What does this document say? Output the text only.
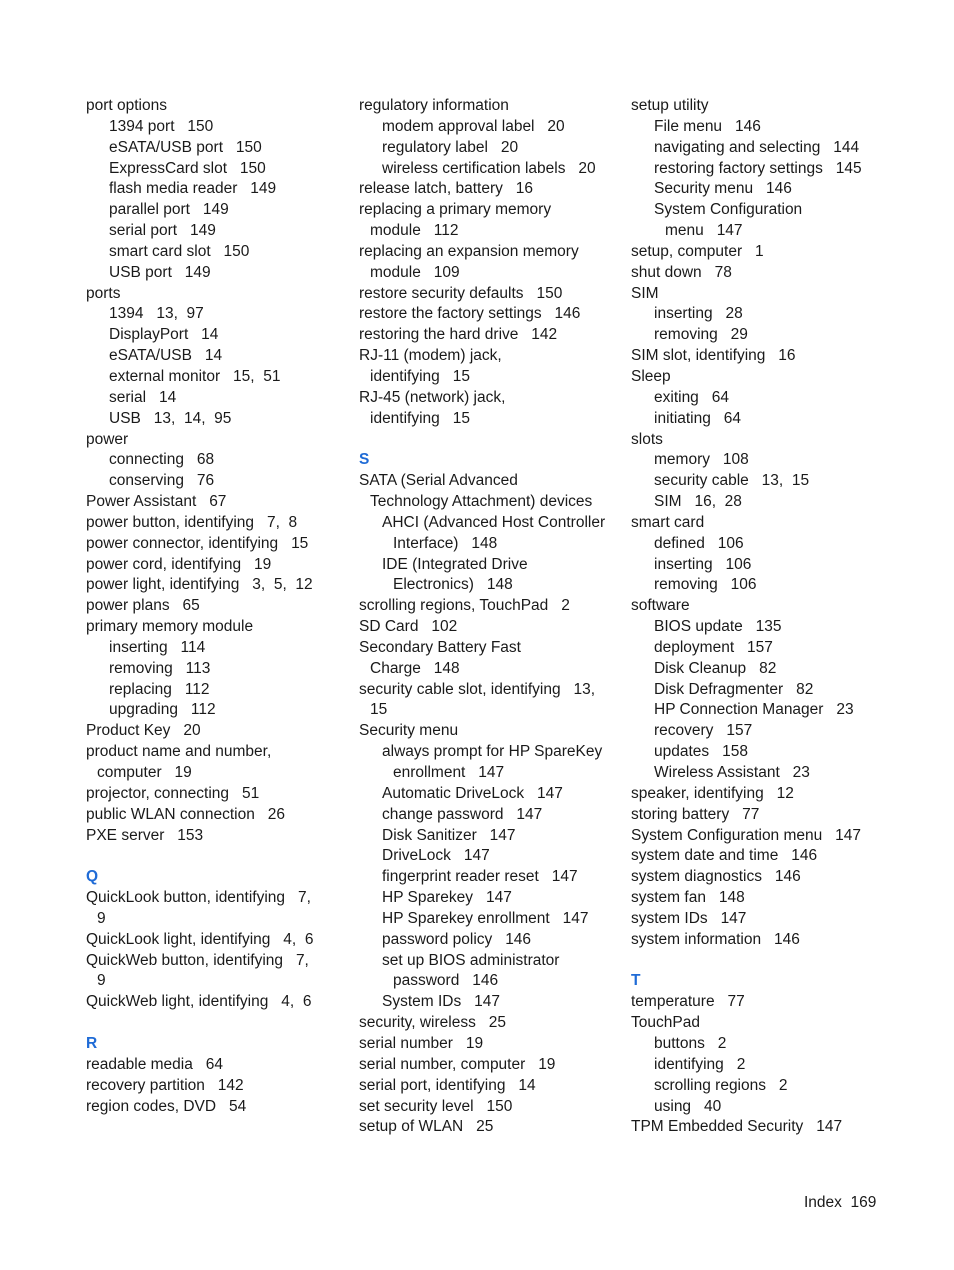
port options
1394 port   150
eSATA/USB port   150
ExpressCard slot   150
flash media reader   149
parallel port   149
serial port   149
smart card slot   150
USB port   149
ports
1394   13,  97
DisplayPort   14
eSATA/USB   14
external monitor   15,  51
serial   14
USB   13,  14,  95
power
connecting   68
conserving   76
Power Assistant   67
power button, identifying   7,  8
power connector, identifying   15
power cord, identifying   19
power light, identifying   3,  5,  12
power plans   65
primary memory module
inserting   114
removing   113
replacing   112
upgrading   112
Product Key   20
product name and number,
computer   19
projector, connecting   51
public WLAN connection   26
PXE server   153
Q
QuickLook button, identifying   7,
9
QuickLook light, identifying   4,  6
QuickWeb button, identifying   7,
9
QuickWeb light, identifying   4,  6
R
readable media   64
recovery partition   142
region codes, DVD   54
regulatory information
modem approval label   20
regulatory label   20
wireless certification labels   20
release latch, battery   16
replacing a primary memory
module   112
replacing an expansion memory
module   109
restore security defaults   150
restore the factory settings   146
restoring the hard drive   142
RJ-11 (modem) jack,
identifying   15
RJ-45 (network) jack,
identifying   15
S
SATA (Serial Advanced
Technology Attachment) devices
AHCI (Advanced Host Controller
Interface)   148
IDE (Integrated Drive
Electronics)   148
scrolling regions, TouchPad   2
SD Card   102
Secondary Battery Fast
Charge   148
security cable slot, identifying   13,
15
Security menu
always prompt for HP SpareKey
enrollment   147
Automatic DriveLock   147
change password   147
Disk Sanitizer   147
DriveLock   147
fingerprint reader reset   147
HP Sparekey   147
HP Sparekey enrollment   147
password policy   146
set up BIOS administrator
password   146
System IDs   147
security, wireless   25
serial number   19
serial number, computer   19
serial port, identifying   14
set security level   150
setup of WLAN   25
setup utility
File menu   146
navigating and selecting   144
restoring factory settings   145
Security menu   146
System Configuration
menu   147
setup, computer   1
shut down   78
SIM
inserting   28
removing   29
SIM slot, identifying   16
Sleep
exiting   64
initiating   64
slots
memory   108
security cable   13,  15
SIM   16,  28
smart card
defined   106
inserting   106
removing   106
software
BIOS update   135
deployment   157
Disk Cleanup   82
Disk Defragmenter   82
HP Connection Manager   23
recovery   157
updates   158
Wireless Assistant   23
speaker, identifying   12
storing battery   77
System Configuration menu   147
system date and time   146
system diagnostics   146
system fan   148
system IDs   147
system information   146
T
temperature   77
TouchPad
buttons   2
identifying   2
scrolling regions   2
using   40
TPM Embedded Security   147
Index 169
